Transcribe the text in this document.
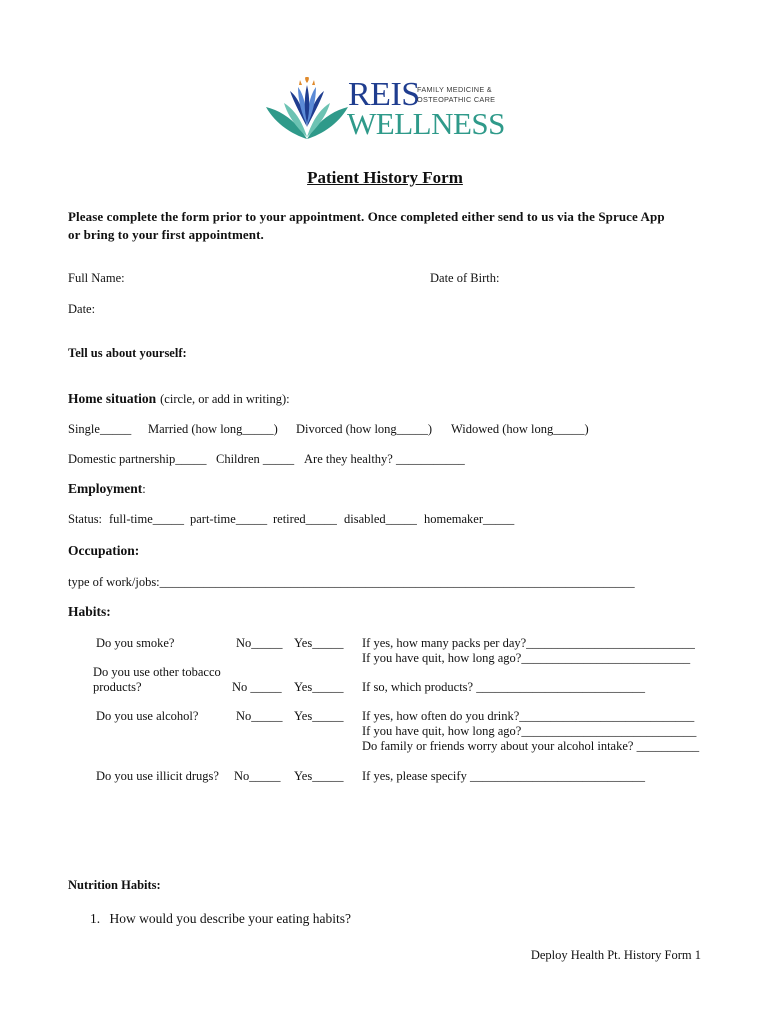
REIS
FAMILY MEDICINE &
OSTEOPATHIC CARE
WELLNESS
Patient History Form
Please complete the form prior to your appointment. Once completed either send to us via the Spruce App
or bring to your first appointment.
Full Name:	Date of Birth:
Date:
Tell us about yourself:
Home situation (circle, or add in writing):
Single_____ Married (how long_____) Divorced (how long_____) Widowed (how long_____)
Domestic partnership_____ Children _____ Are they healthy? ___________
Employment:
Status: full-time_____ part-time_____ retired_____ disabled_____ homemaker_____
Occupation:
type of work/jobs:____________________________________________________________________________
Habits:
Do you smoke?	No_____ Yes_____ If yes, how many packs per day?___________________________
If you have quit, how long ago?___________________________
Do you use other tobacco
products?	No _____ Yes_____ If so, which products? ___________________________
Do you use alcohol?	No_____ Yes_____ If yes, how often do you drink?____________________________
If you have quit, how long ago?____________________________
Do family or friends worry about your alcohol intake? __________
Do you use illicit drugs? No_____ Yes_____ If yes, please specify ____________________________
Nutrition Habits:
1. How would you describe your eating habits?
Deploy Health Pt. History Form 1
